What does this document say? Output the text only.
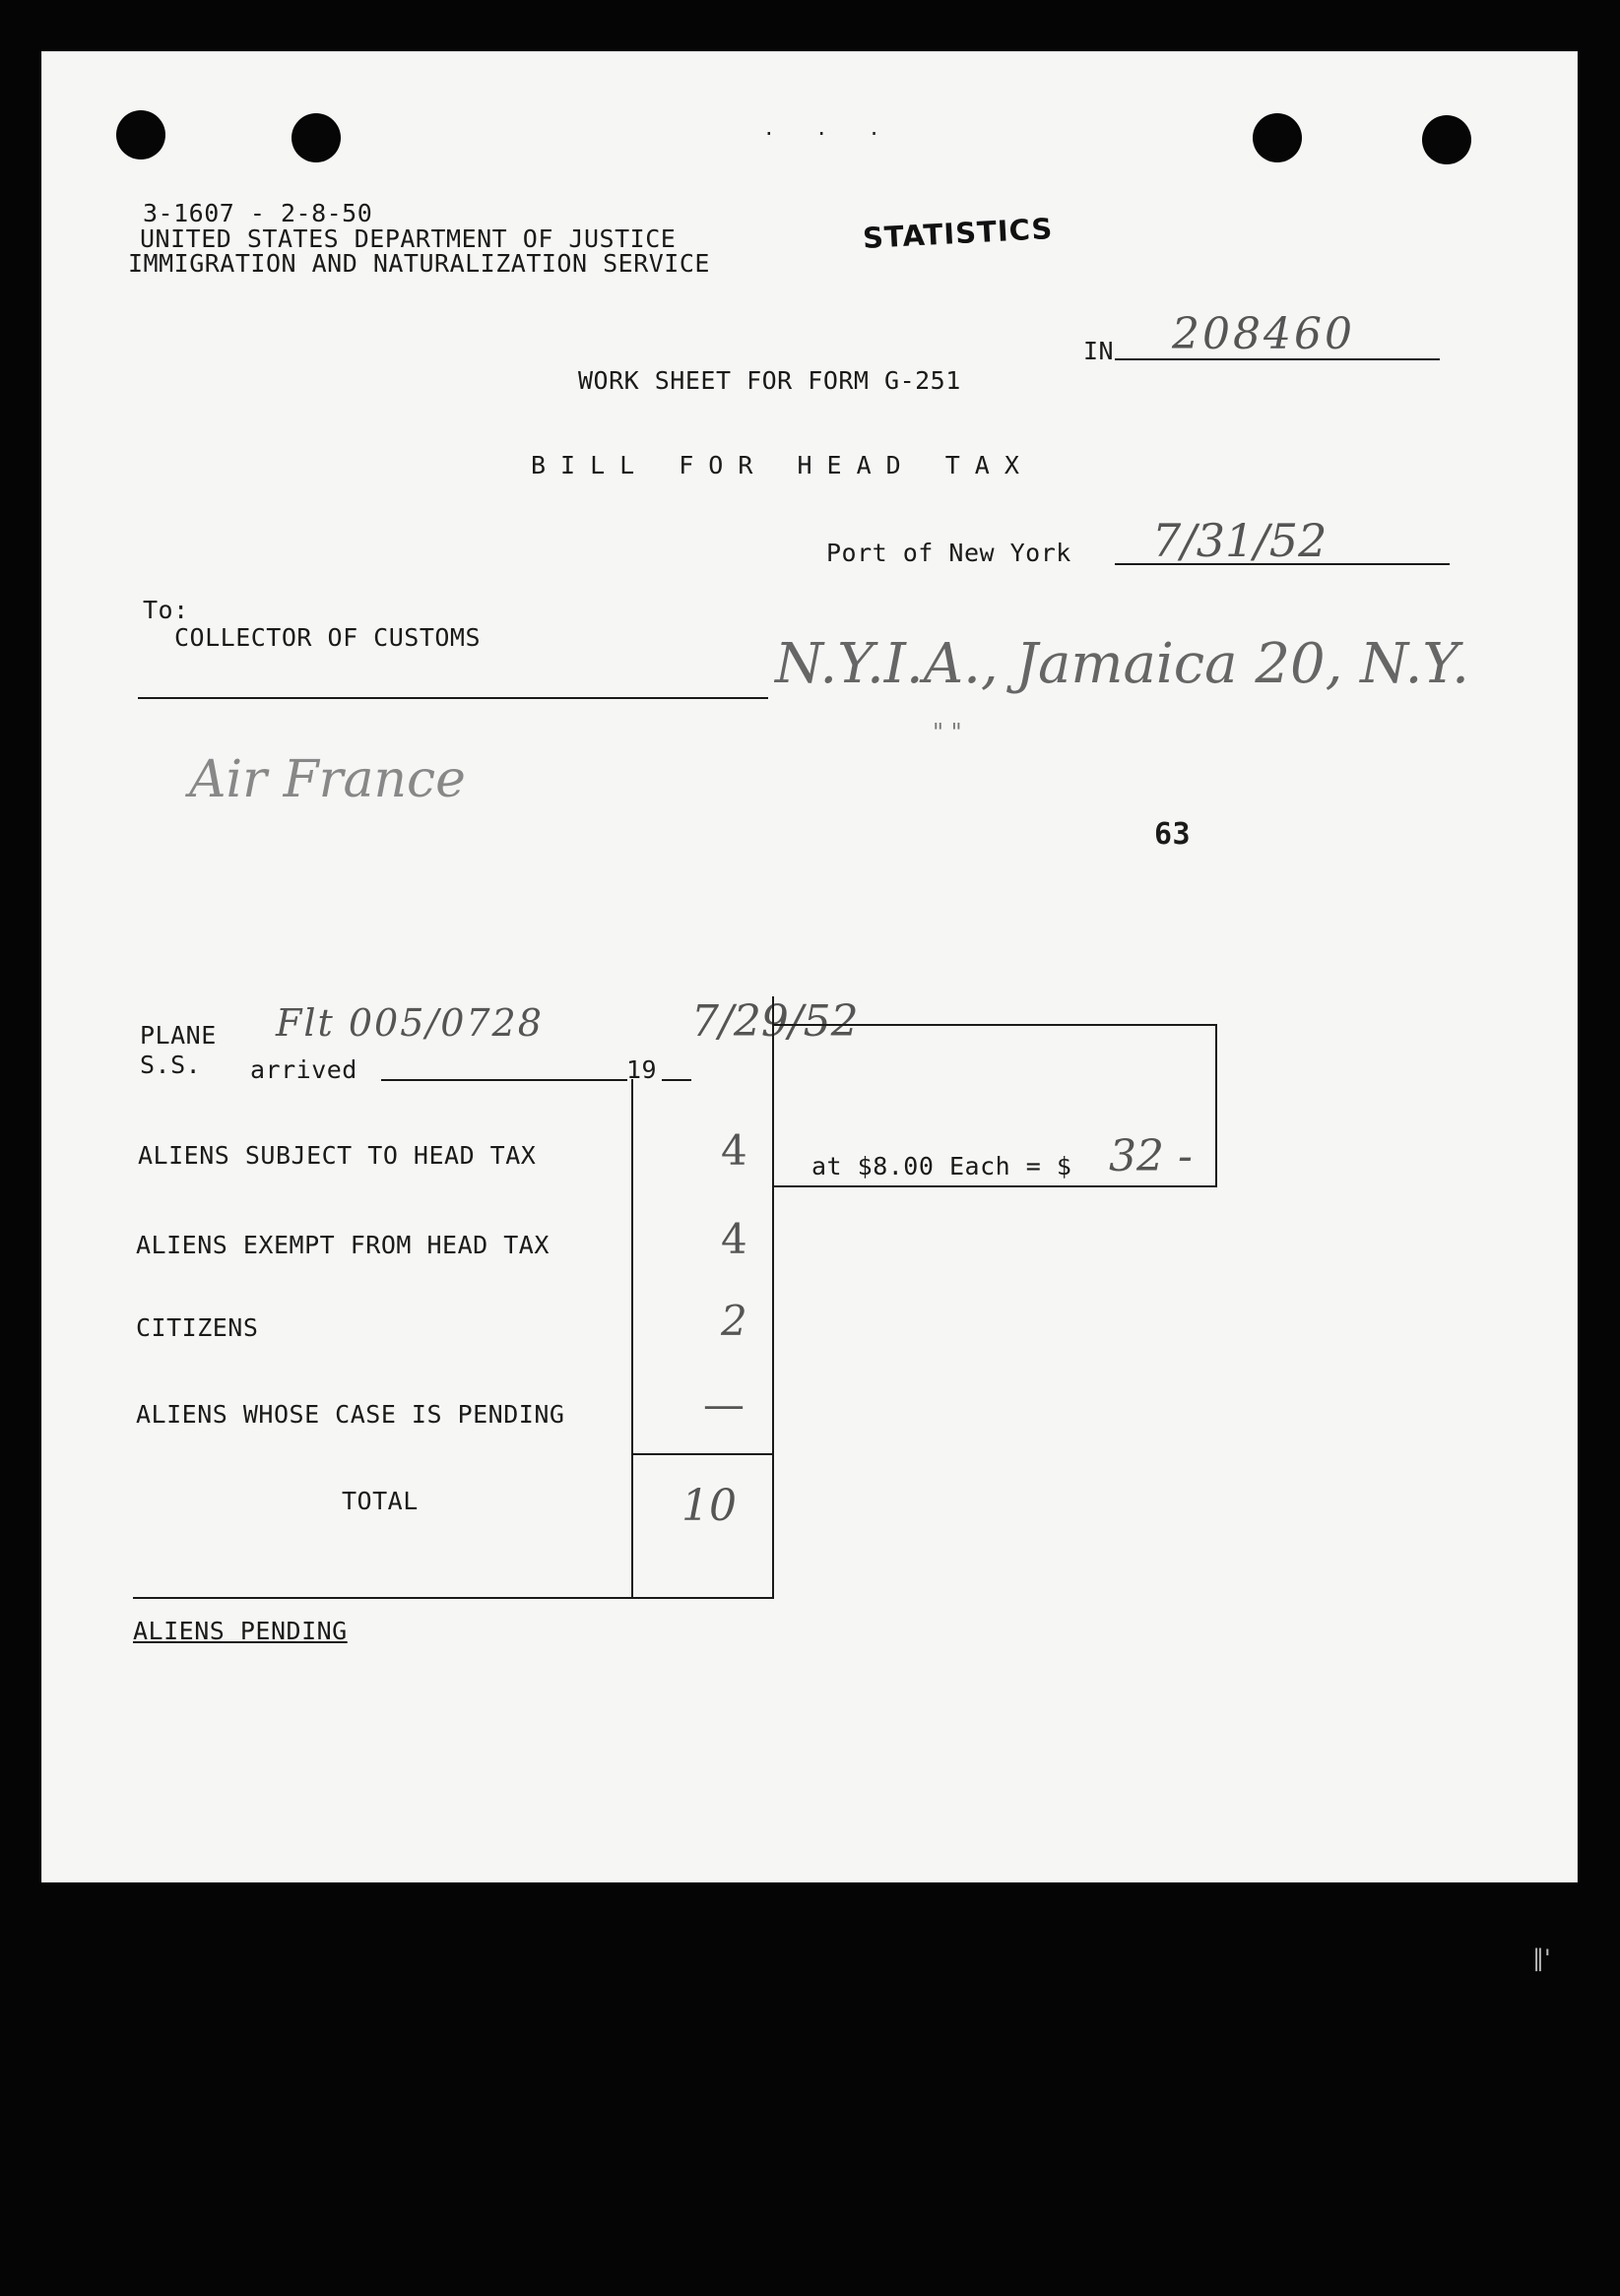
·      ·      ·
3-1607 - 2-8-50
UNITED STATES DEPARTMENT OF JUSTICE
IMMIGRATION AND NATURALIZATION SERVICE
STATISTICS
IN 208460
WORK SHEET FOR FORM G-251
BILL FOR HEAD TAX
Port of New York 7/31/52
To:
COLLECTOR OF CUSTOMS	N.Y.I.A., Jamaica 20, N.Y.
" "
Air France
63
PLANE
S.S. arrived	19
Flt 005/0728	7/29/52
at $8.00 Each = $ 32 -
ALIENS SUBJECT TO HEAD TAX	4
ALIENS EXEMPT FROM HEAD TAX	4
CITIZENS	2
ALIENS WHOSE CASE IS PENDING	—
TOTAL	10
ALIENS PENDING
∥'
